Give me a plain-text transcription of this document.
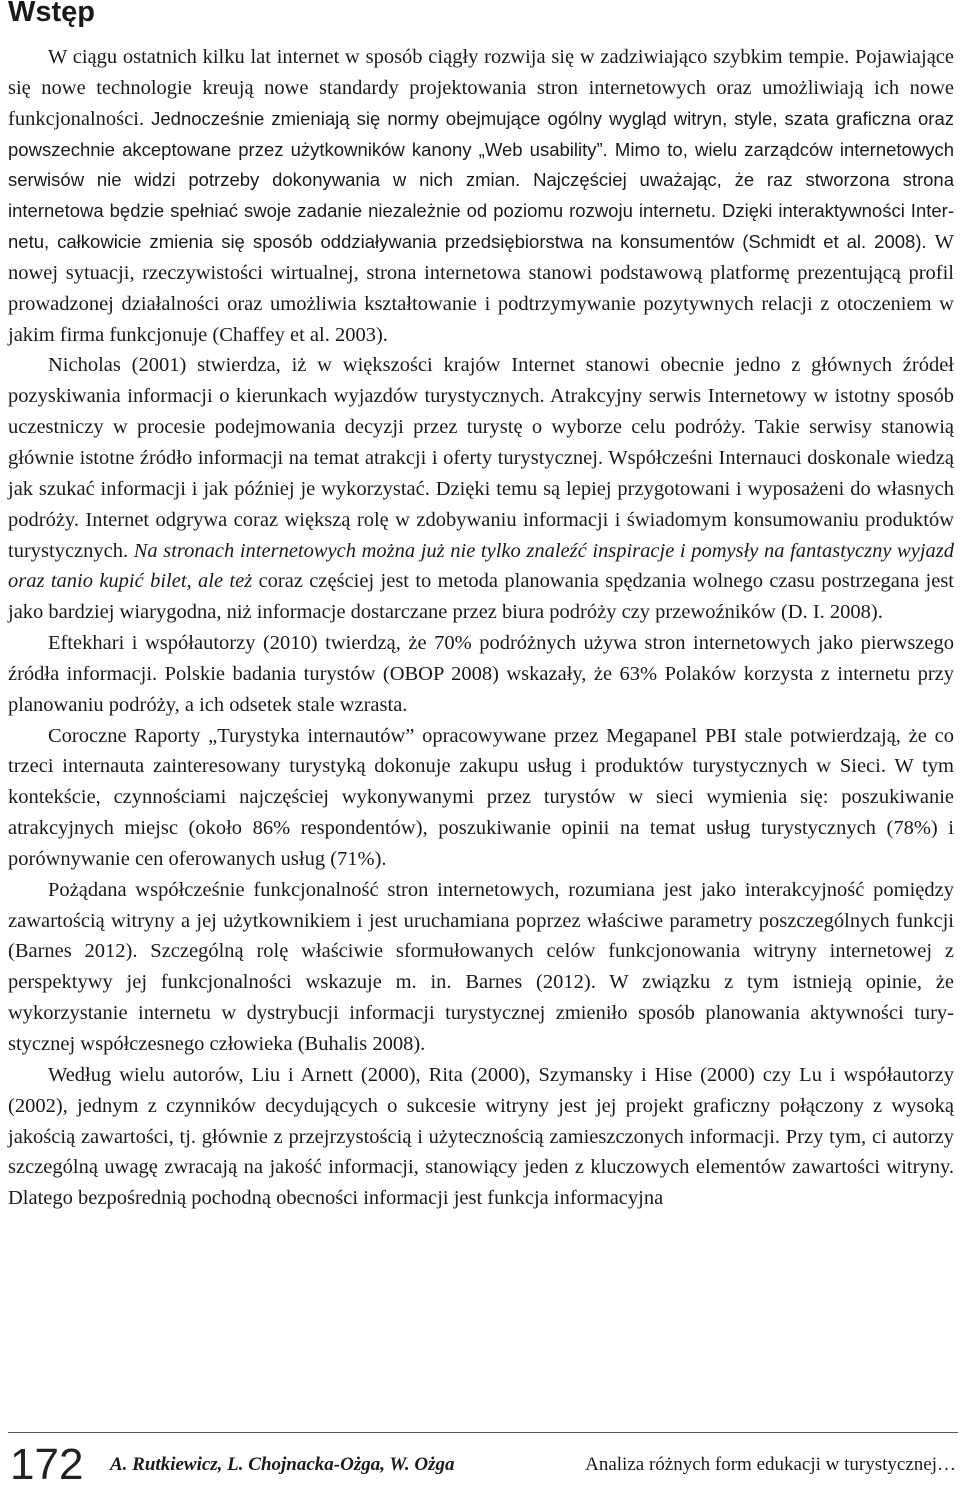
Wstęp

W ciągu ostatnich kilku lat internet w sposób ciągły rozwija się w zadziwiająco szybkim tempie. Pojawiające się nowe technologie kreują nowe standardy projektowania stron internetowych oraz umożliwiają ich nowe funkcjonalności. Jednocześnie zmieniają się normy obejmujące ogólny wygląd witryn, style, szata graficzna oraz powszechnie akceptowane przez użytkowników kanony „Web usability”. Mimo to, wielu zarządców internetowych serwisów nie widzi potrzeby dokonywania w nich zmian. Najczęściej uważając, że raz stworzona strona internetowa będzie spełniać swoje zadanie niezależnie od poziomu rozwoju internetu. Dzięki interaktywności Internetu, całkowicie zmienia się sposób oddziaływania przedsiębiorstwa na konsumentów (Schmidt et al. 2008). W nowej sytuacji, rzeczywistości wirtualnej, strona internetowa stanowi podstawową platformę prezentującą profil prowadzonej działalności oraz umożliwia kształtowanie i podtrzymywanie pozytywnych relacji z otoczeniem w jakim firma funkcjonuje (Chaffey et al. 2003).

Nicholas (2001) stwierdza, iż w większości krajów Internet stanowi obecnie jedno z głównych źródeł pozyskiwania informacji o kierunkach wyjazdów turystycznych. Atrakcyjny serwis Internetowy w istotny sposób uczestniczy w procesie podejmowania decyzji przez turystę o wyborze celu podróży. Takie serwisy stanowią głównie istotne źródło informacji na temat atrakcji i oferty turystycznej. Współcześni Internauci doskonale wiedzą jak szukać informacji i jak później je wykorzystać. Dzięki temu są lepiej przygotowani i wyposażeni do własnych podróży. Internet odgrywa coraz większą rolę w zdobywaniu informacji i świadomym konsumowaniu produktów turystycznych. Na stronach internetowych można już nie tylko znaleźć inspiracje i pomysły na fantastyczny wyjazd oraz tanio kupić bilet, ale też coraz częściej jest to metoda planowania spędzania wolnego czasu postrzegana jest jako bardziej wiarygodna, niż informacje dostarczane przez biura podróży czy przewoźników (D. I. 2008).

Eftekhari i współautorzy (2010) twierdzą, że 70% podróżnych używa stron internetowych jako pierwszego źródła informacji. Polskie badania turystów (OBOP 2008) wskazały, że 63% Polaków korzysta z internetu przy planowaniu podróży, a ich odsetek stale wzrasta.

Coroczne Raporty „Turystyka internautów” opracowywane przez Megapanel PBI stale potwierdzają, że co trzeci internauta zainteresowany turystyką dokonuje zakupu usług i produktów turystycznych w Sieci. W tym kontekście, czynnościami najczęściej wykonywanymi przez turystów w sieci wymienia się: poszukiwanie atrakcyjnych miejsc (około 86% respondentów), poszukiwanie opinii na temat usług turystycznych (78%) i porównywanie cen oferowanych usług (71%).

Pożądana współcześnie funkcjonalność stron internetowych, rozumiana jest jako interakcyjność pomiędzy zawartością witryny a jej użytkownikiem i jest uruchamiana poprzez właściwe parametry poszczególnych funkcji (Barnes 2012). Szczególną rolę właściwie sformułowanych celów funkcjonowania witryny internetowej z perspektywy jej funkcjonalności wskazuje m. in. Barnes (2012). W związku z tym istnieją opinie, że wykorzystanie internetu w dystrybucji informacji turystycznej zmieniło sposób planowania aktywności turystycznej współczesnego człowieka (Buhalis 2008).

Według wielu autorów, Liu i Arnett (2000), Rita (2000), Szymansky i Hise (2000) czy Lu i współautorzy (2002), jednym z czynników decydujących o sukcesie witryny jest jej projekt graficzny połączony z wysoką jakością zawartości, tj. głównie z przejrzystością i użytecznością zamieszczonych informacji. Przy tym, ci autorzy szczególną uwagę zwracają na jakość informacji, stanowiący jeden z kluczowych elementów zawartości witryny. Dlatego bezpośrednią pochodną obecności informacji jest funkcja informacyjna

172 A. Rutkiewicz, L. Chojnacka-Ożga, W. Ożga	Analiza różnych form edukacji w turystycznej…
